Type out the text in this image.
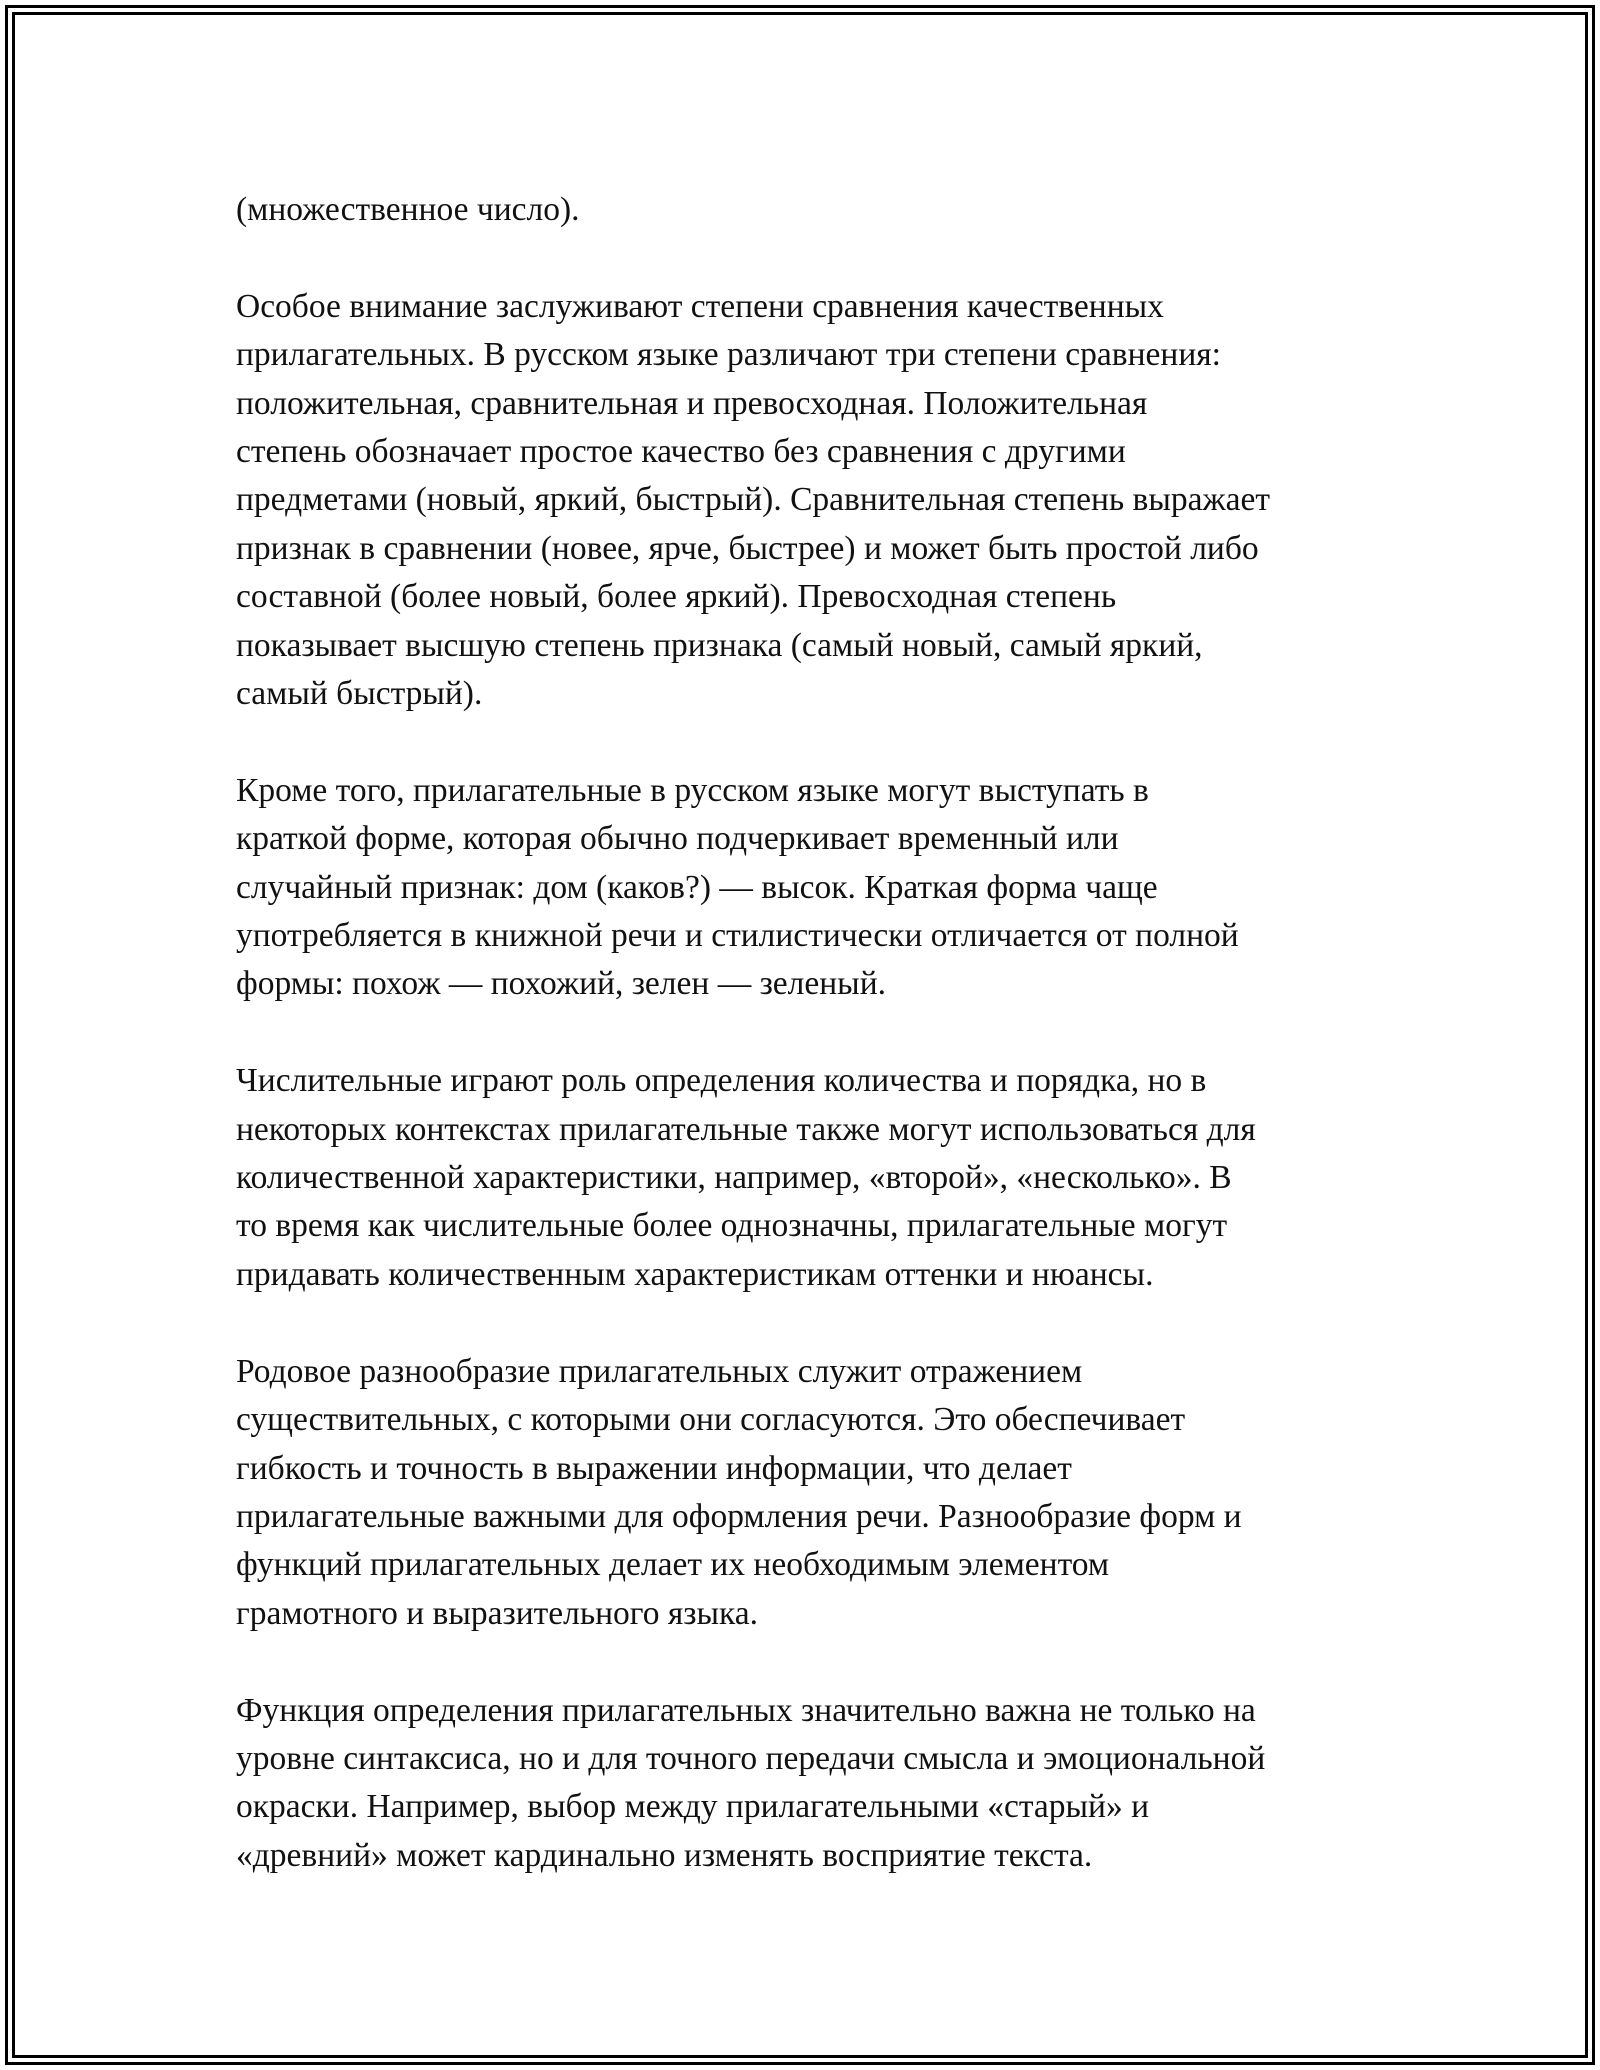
(множественное число).

Особое внимание заслуживают степени сравнения качественных
прилагательных. В русском языке различают три степени сравнения:
положительная, сравнительная и превосходная. Положительная
степень обозначает простое качество без сравнения с другими
предметами (новый, яркий, быстрый). Сравнительная степень выражает
признак в сравнении (новее, ярче, быстрее) и может быть простой либо
составной (более новый, более яркий). Превосходная степень
показывает высшую степень признака (самый новый, самый яркий,
самый быстрый).

Кроме того, прилагательные в русском языке могут выступать в
краткой форме, которая обычно подчеркивает временный или
случайный признак: дом (каков?) — высок. Краткая форма чаще
употребляется в книжной речи и стилистически отличается от полной
формы: похож — похожий, зелен — зеленый.

Числительные играют роль определения количества и порядка, но в
некоторых контекстах прилагательные также могут использоваться для
количественной характеристики, например, «второй», «несколько». В
то время как числительные более однозначны, прилагательные могут
придавать количественным характеристикам оттенки и нюансы.

Родовое разнообразие прилагательных служит отражением
существительных, с которыми они согласуются. Это обеспечивает
гибкость и точность в выражении информации, что делает
прилагательные важными для оформления речи. Разнообразие форм и
функций прилагательных делает их необходимым элементом
грамотного и выразительного языка.

Функция определения прилагательных значительно важна не только на
уровне синтаксиса, но и для точного передачи смысла и эмоциональной
окраски. Например, выбор между прилагательными «старый» и
«древний» может кардинально изменять восприятие текста.
